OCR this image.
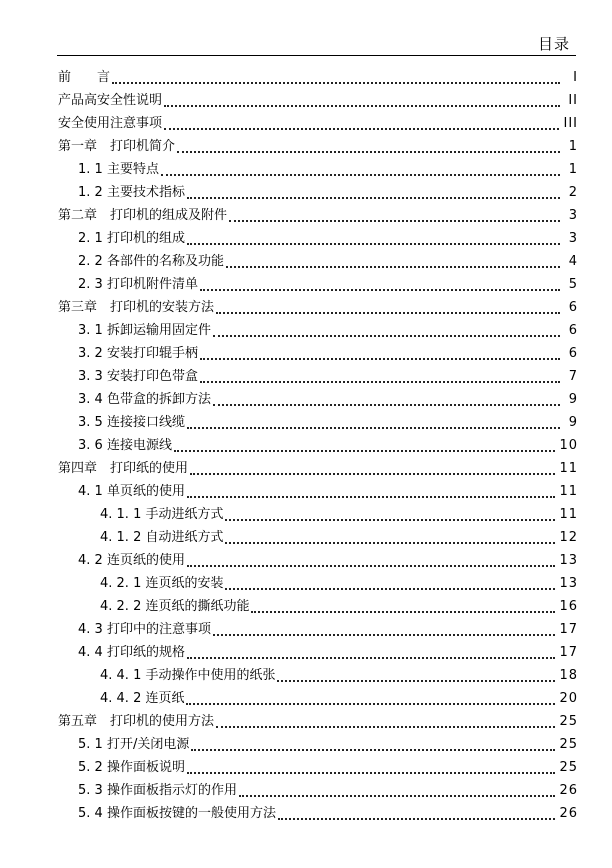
目录
前　　言	I
产品高安全性说明	II
安全使用注意事项	III
第一章　打印机简介	1
1. 1 主要特点	1
1. 2 主要技术指标	2
第二章　打印机的组成及附件	3
2. 1 打印机的组成	3
2. 2 各部件的名称及功能	4
2. 3 打印机附件清单	5
第三章　打印机的安装方法	6
3. 1 拆卸运输用固定件	6
3. 2 安装打印辊手柄	6
3. 3 安装打印色带盒	7
3. 4 色带盒的拆卸方法	9
3. 5 连接接口线缆	9
3. 6 连接电源线	10
第四章　打印纸的使用	11
4. 1 单页纸的使用	11
4. 1. 1 手动进纸方式	11
4. 1. 2 自动进纸方式	12
4. 2 连页纸的使用	13
4. 2. 1 连页纸的安装	13
4. 2. 2 连页纸的撕纸功能	16
4. 3 打印中的注意事项	17
4. 4 打印纸的规格	17
4. 4. 1 手动操作中使用的纸张	18
4. 4. 2 连页纸	20
第五章　打印机的使用方法	25
5. 1 打开/关闭电源	25
5. 2 操作面板说明	25
5. 3 操作面板指示灯的作用	26
5. 4 操作面板按键的一般使用方法	26
